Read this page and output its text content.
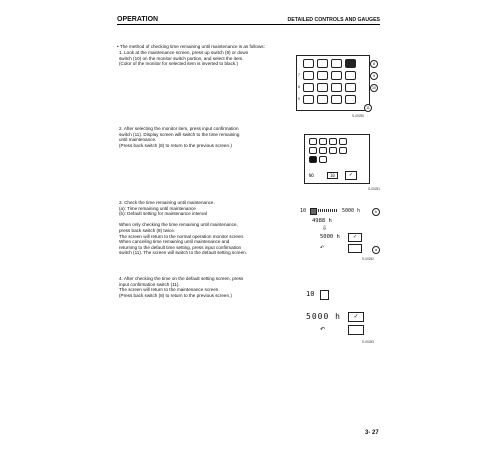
OPERATION	DETAILED CONTROLS AND GAUGES
• The method of checking time remaining until maintenance is as follows:
1. Look at the maintenance screen, press up switch (9) or down
switch (10) on the monitor switch portion, and select the item.
(Color of the monitor for selected item is inverted to black.)
7
8
9
8
9
10
11
S-00250
2. After selecting the monitor item, press input confirmation
switch (11). Display screen will switch to the time remaining
until maintenance.
(Press back switch (8) to return to the previous screen.)
NO	10	✓
S-00251
3. Check the time remaining until maintenance.
(a): Time remaining until maintenance
(b): Default setting for maintenance interval
When only checking the time remaining until maintenance,
press back switch (8) twice.
The screen will return to the normal operation monitor screen.
When canceling time remaining until maintenance and
returning to the default time setting, press input confirmation
switch (11). The screen will switch to the default setting screen.
10	5000 h	b
4988 h
⇩
5000 h	✓
↶	a
S-00252
4. After checking the time on the default setting screen, press
input confirmation switch (11).
The screen will return to the maintenance screen.
(Press back switch (8) to return to the previous screen.)	10
5000 h	✓
↶
S-00253
3- 27
